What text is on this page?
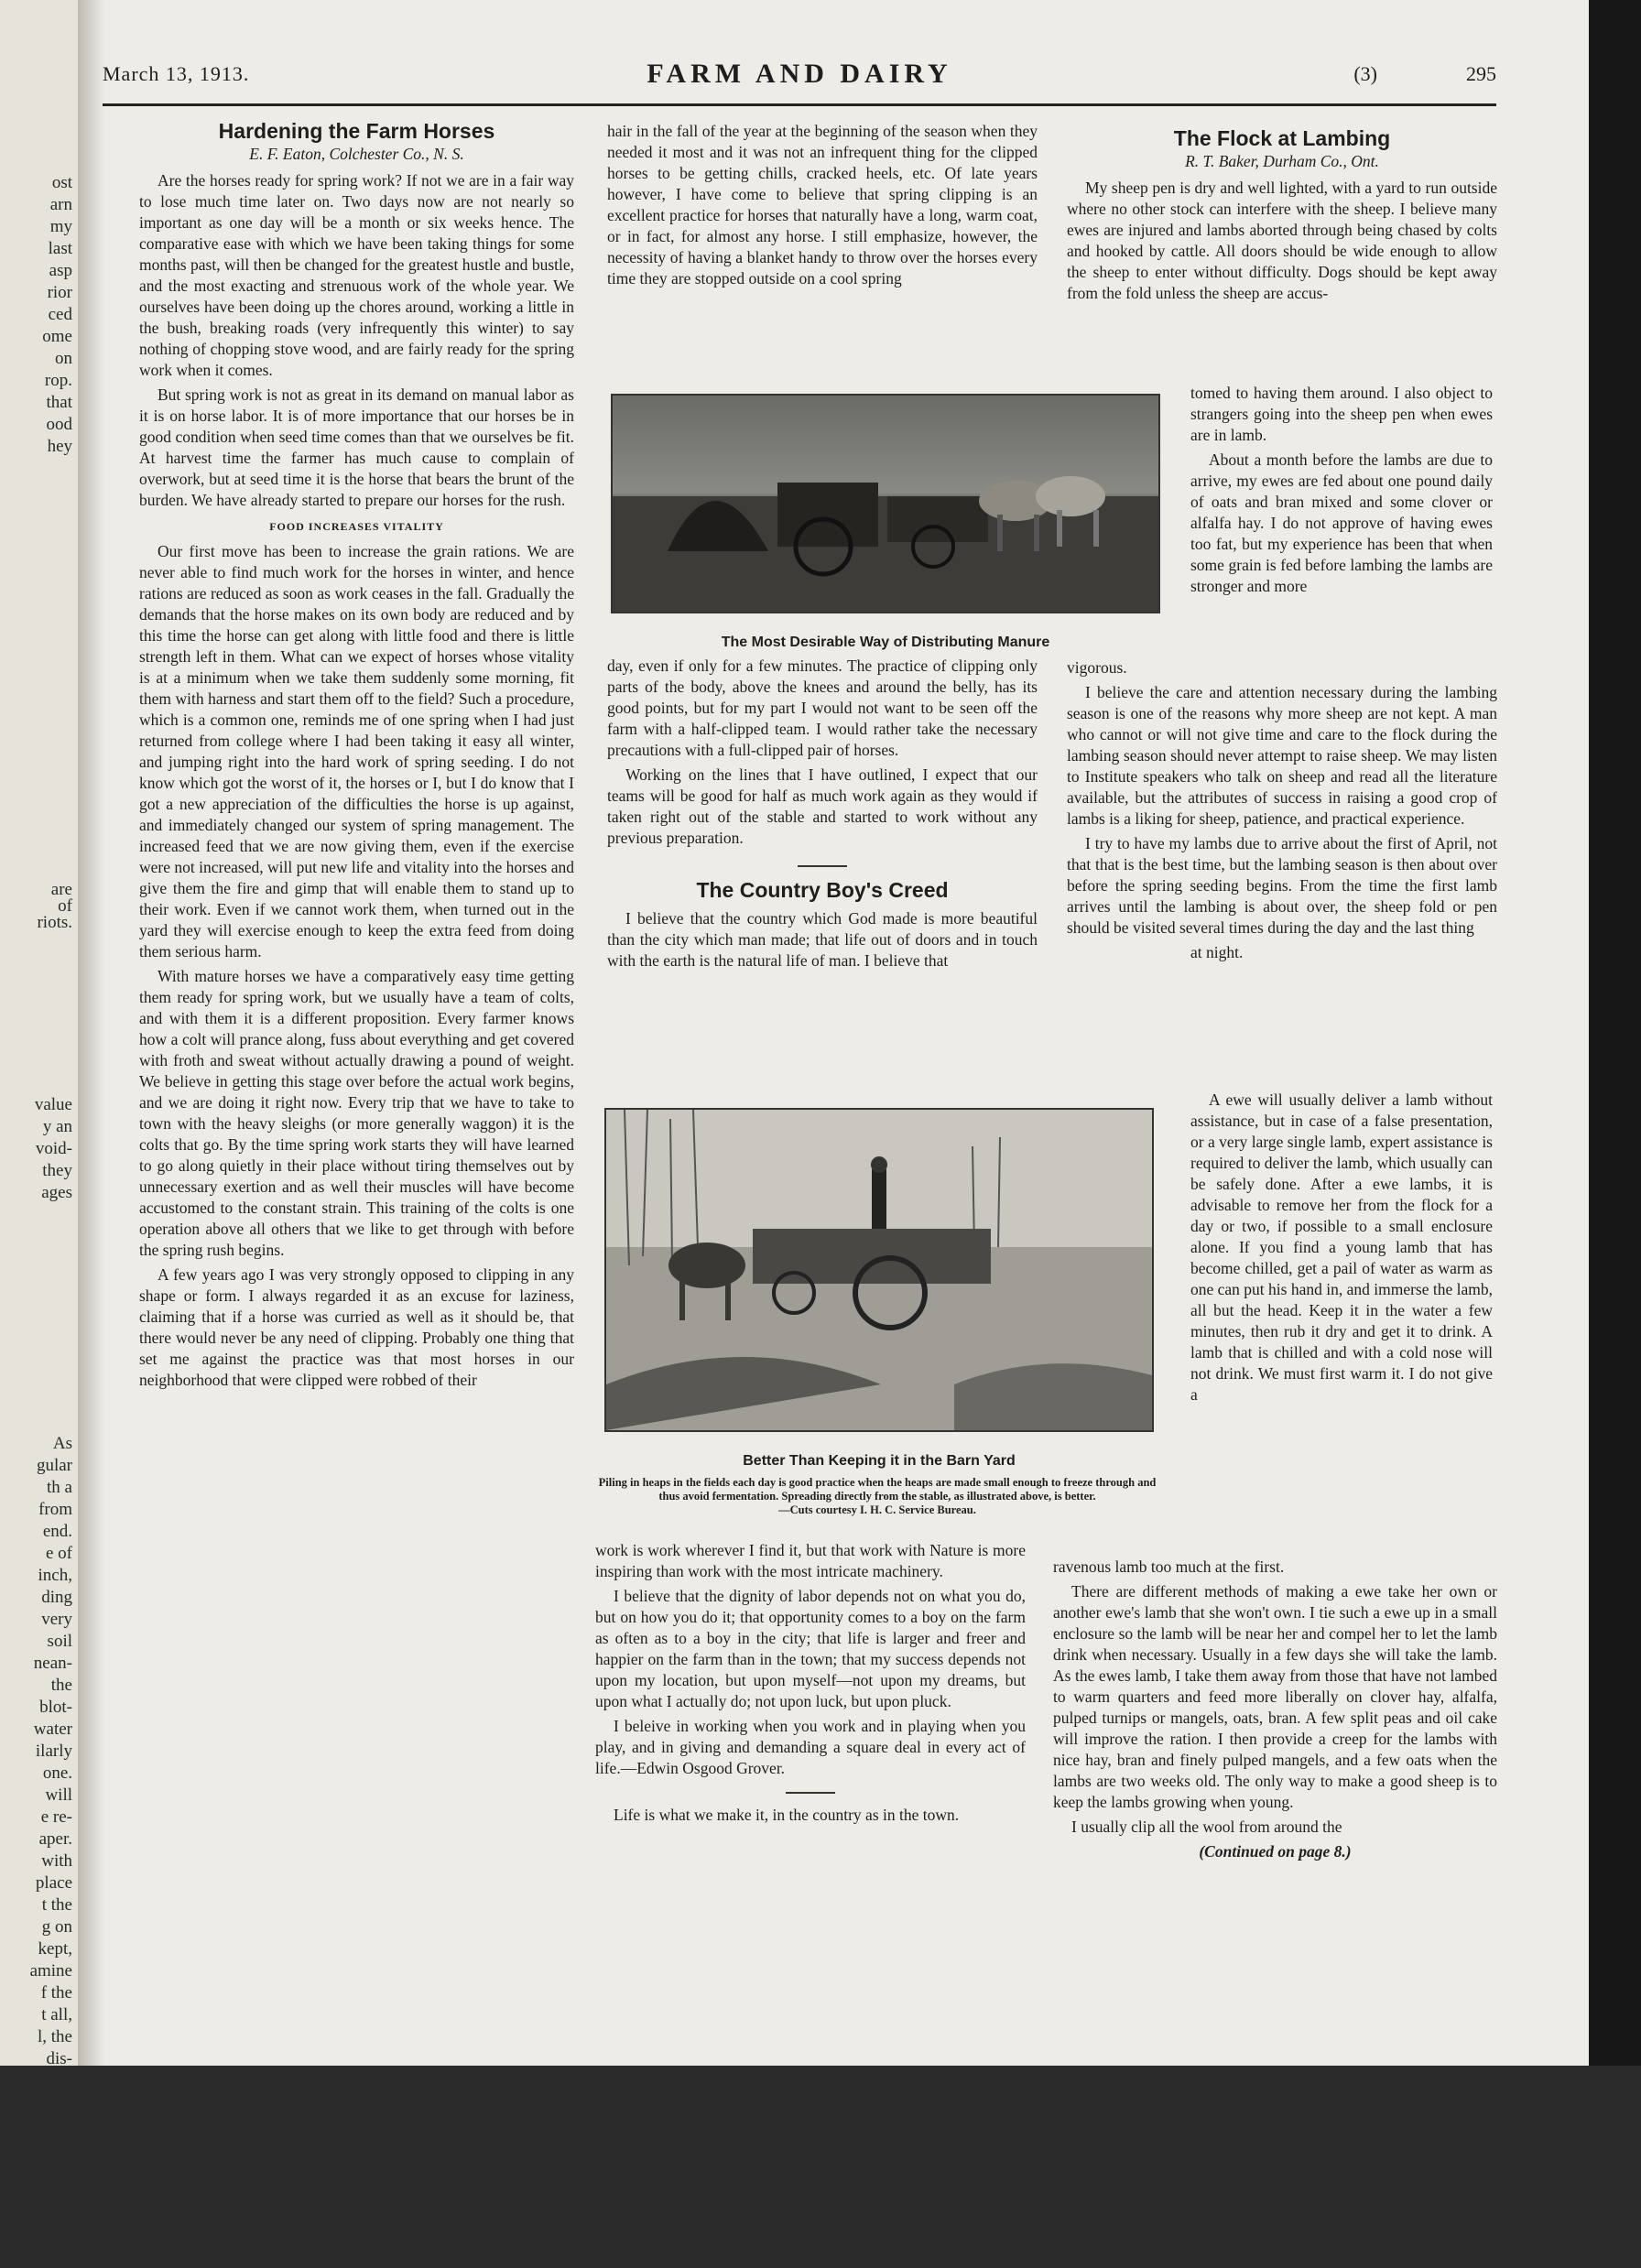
ost
arn
my
last
asp
rior
ced
ome
on
rop.
that
ood
hey
are
of
riots.
value
y an
void-
they
ages
As
gular
th a
from
end.
e of
inch,
ding
very
soil
nean-
the
blot-
water
ilarly
one.
will
e re-
aper.
with
place
t the
g on
kept,
amine
f the
t all,
l, the
dis-
that
cent.,
if the
t ger-
acre
for a
long,
xactly
stand.
March 13, 1913.	FARM AND DAIRY	(3)	295
Hardening the Farm Horses
E. F. Eaton, Colchester Co., N. S.

Are the horses ready for spring work? If not we are in a fair way to lose much time later on. Two days now are not nearly so important as one day will be a month or six weeks hence. The comparative ease with which we have been taking things for some months past, will then be changed for the greatest hustle and bustle, and the most exacting and strenuous work of the whole year. We ourselves have been doing up the chores around, working a little in the bush, breaking roads (very infrequently this winter) to say nothing of chopping stove wood, and are fairly ready for the spring work when it comes.

But spring work is not as great in its demand on manual labor as it is on horse labor. It is of more importance that our horses be in good condition when seed time comes than that we ourselves be fit. At harvest time the farmer has much cause to complain of overwork, but at seed time it is the horse that bears the brunt of the burden. We have already started to prepare our horses for the rush.

FOOD INCREASES VITALITY

Our first move has been to increase the grain rations. We are never able to find much work for the horses in winter, and hence rations are reduced as soon as work ceases in the fall. Gradually the demands that the horse makes on its own body are reduced and by this time the horse can get along with little food and there is little strength left in them. What can we expect of horses whose vitality is at a minimum when we take them suddenly some morning, fit them with harness and start them off to the field? Such a procedure, which is a common one, reminds me of one spring when I had just returned from college where I had been taking it easy all winter, and jumping right into the hard work of spring seeding. I do not know which got the worst of it, the horses or I, but I do know that I got a new appreciation of the difficulties the horse is up against, and immediately changed our system of spring management. The increased feed that we are now giving them, even if the exercise were not increased, will put new life and vitality into the horses and give them the fire and gimp that will enable them to stand up to their work. Even if we cannot work them, when turned out in the yard they will exercise enough to keep the extra feed from doing them serious harm.

With mature horses we have a comparatively easy time getting them ready for spring work, but we usually have a team of colts, and with them it is a different proposition. Every farmer knows how a colt will prance along, fuss about everything and get covered with froth and sweat without actually drawing a pound of weight. We believe in getting this stage over before the actual work begins, and we are doing it right now. Every trip that we have to take to town with the heavy sleighs (or more generally waggon) it is the colts that go. By the time spring work starts they will have learned to go along quietly in their place without tiring themselves out by unnecessary exertion and as well their muscles will have become accustomed to the constant strain. This training of the colts is one operation above all others that we like to get through with before the spring rush begins.

A few years ago I was very strongly opposed to clipping in any shape or form. I always regarded it as an excuse for laziness, claiming that if a horse was curried as well as it should be, that there would never be any need of clipping. Probably one thing that set me against the practice was that most horses in our neighborhood that were clipped were robbed of their

hair in the fall of the year at the beginning of the season when they needed it most and it was not an infrequent thing for the clipped horses to be getting chills, cracked heels, etc. Of late years however, I have come to believe that spring clipping is an excellent practice for horses that naturally have a long, warm coat, or in fact, for almost any horse. I still emphasize, however, the necessity of having a blanket handy to throw over the horses every time they are stopped outside on a cool spring

The Most Desirable Way of Distributing Manure

day, even if only for a few minutes. The practice of clipping only parts of the body, above the knees and around the belly, has its good points, but for my part I would not want to be seen off the farm with a half-clipped team. I would rather take the necessary precautions with a full-clipped pair of horses.

Working on the lines that I have outlined, I expect that our teams will be good for half as much work again as they would if taken right out of the stable and started to work without any previous preparation.

The Country Boy's Creed

I believe that the country which God made is more beautiful than the city which man made; that life out of doors and in touch with the earth is the natural life of man. I believe that

Better Than Keeping it in the Barn Yard
Piling in heaps in the fields each day is good practice when the heaps are made small enough to freeze through and thus avoid fermentation. Spreading directly from the stable, as illustrated above, is better.
—Cuts courtesy I. H. C. Service Bureau.

work is work wherever I find it, but that work with Nature is more inspiring than work with the most intricate machinery.

I believe that the dignity of labor depends not on what you do, but on how you do it; that opportunity comes to a boy on the farm as often as to a boy in the city; that life is larger and freer and happier on the farm than in the town; that my success depends not upon my location, but upon myself—not upon my dreams, but upon what I actually do; not upon luck, but upon pluck.

I beleive in working when you work and in playing when you play, and in giving and demanding a square deal in every act of life.—Edwin Osgood Grover.

Life is what we make it, in the country as in the town.

The Flock at Lambing
R. T. Baker, Durham Co., Ont.

My sheep pen is dry and well lighted, with a yard to run outside where no other stock can interfere with the sheep. I believe many ewes are injured and lambs aborted through being chased by colts and hooked by cattle. All doors should be wide enough to allow the sheep to enter without difficulty. Dogs should be kept away from the fold unless the sheep are accus-

tomed to having them around. I also object to strangers going into the sheep pen when ewes are in lamb.

About a month before the lambs are due to arrive, my ewes are fed about one pound daily of oats and bran mixed and some clover or alfalfa hay. I do not approve of having ewes too fat, but my experience has been that when some grain is fed before lambing the lambs are stronger and more

vigorous.

I believe the care and attention necessary during the lambing season is one of the reasons why more sheep are not kept. A man who cannot or will not give time and care to the flock during the lambing season should never attempt to raise sheep. We may listen to Institute speakers who talk on sheep and read all the literature available, but the attributes of success in raising a good crop of lambs is a liking for sheep, patience, and practical experience.

I try to have my lambs due to arrive about the first of April, not that that is the best time, but the lambing season is then about over before the spring seeding begins. From the time the first lamb arrives until the lambing is about over, the sheep fold or pen should be visited several times during the day and the last thing

at night.

A ewe will usually deliver a lamb without assistance, but in case of a false presentation, or a very large single lamb, expert assistance is required to deliver the lamb, which usually can be safely done. After a ewe lambs, it is advisable to remove her from the flock for a day or two, if possible to a small enclosure alone. If you find a young lamb that has become chilled, get a pail of water as warm as one can put his hand in, and immerse the lamb, all but the head. Keep it in the water a few minutes, then rub it dry and get it to drink. A lamb that is chilled and with a cold nose will not drink. We must first warm it. I do not give a

ravenous lamb too much at the first.

There are different methods of making a ewe take her own or another ewe's lamb that she won't own. I tie such a ewe up in a small enclosure so the lamb will be near her and compel her to let the lamb drink when necessary. Usually in a few days she will take the lamb. As the ewes lamb, I take them away from those that have not lambed to warm quarters and feed more liberally on clover hay, alfalfa, pulped turnips or mangels, oats, bran. A few split peas and oil cake will improve the ration. I then provide a creep for the lambs with nice hay, bran and finely pulped mangels, and a few oats when the lambs are two weeks old. The only way to make a good sheep is to keep the lambs growing when young.

I usually clip all the wool from around the

(Continued on page 8.)
